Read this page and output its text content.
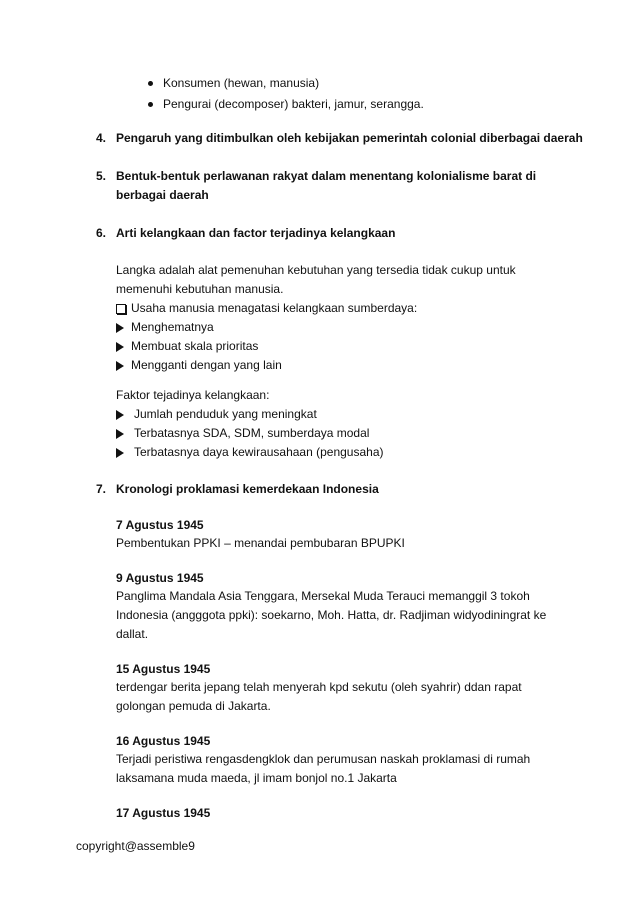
Konsumen (hewan, manusia)
Pengurai (decomposer) bakteri, jamur, serangga.
4. Pengaruh yang ditimbulkan oleh kebijakan pemerintah colonial diberbagai daerah
5. Bentuk-bentuk perlawanan rakyat dalam menentang kolonialisme barat di
berbagai daerah
6. Arti kelangkaan dan factor terjadinya kelangkaan
Langka adalah alat pemenuhan kebutuhan yang tersedia tidak cukup untuk
memenuhi kebutuhan manusia.
Usaha manusia menagatasi kelangkaan sumberdaya:
Menghematnya
Membuat skala prioritas
Mengganti dengan yang lain
Faktor tejadinya kelangkaan:
Jumlah penduduk yang meningkat
Terbatasnya SDA, SDM, sumberdaya modal
Terbatasnya daya kewirausahaan (pengusaha)
7. Kronologi proklamasi kemerdekaan Indonesia
7 Agustus 1945
Pembentukan PPKI – menandai pembubaran BPUPKI
9 Agustus 1945
Panglima Mandala Asia Tenggara, Mersekal Muda Terauci memanggil 3 tokoh
Indonesia (angggota ppki): soekarno, Moh. Hatta, dr. Radjiman widyodiningrat ke
dallat.
15 Agustus 1945
terdengar berita jepang telah menyerah kpd sekutu (oleh syahrir) ddan rapat
golongan pemuda di Jakarta.
16 Agustus 1945
Terjadi peristiwa rengasdengklok dan perumusan naskah proklamasi di rumah
laksamana muda maeda, jl imam bonjol no.1 Jakarta
17 Agustus 1945
copyright@assemble9
